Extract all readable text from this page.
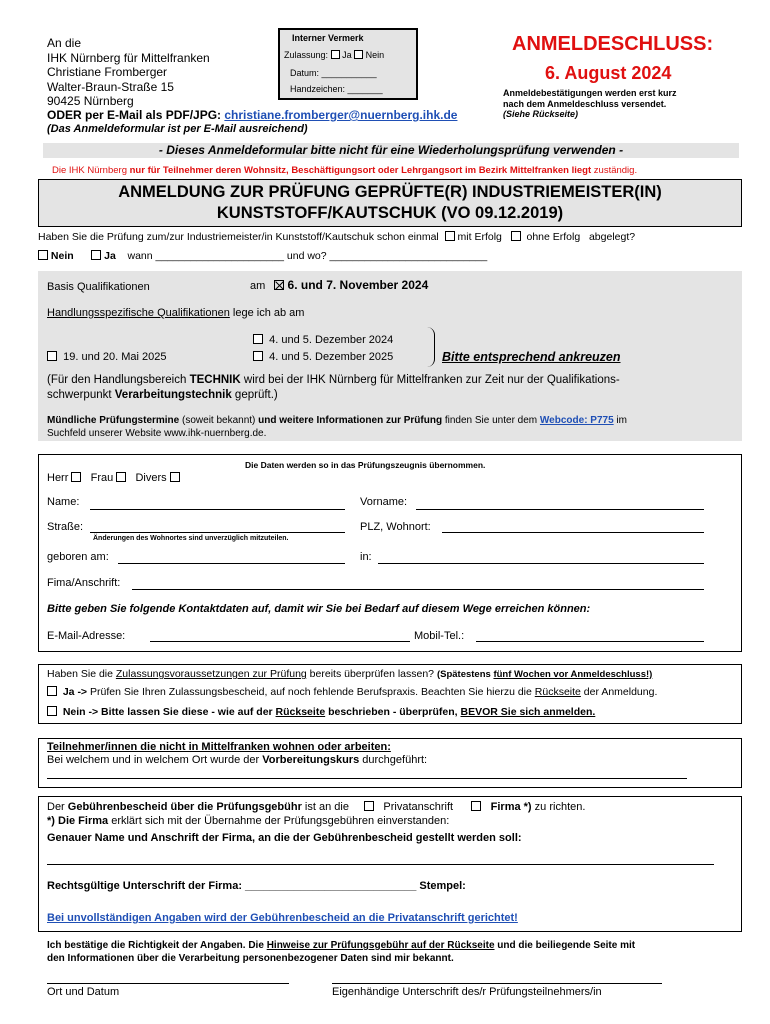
An die
IHK Nürnberg für Mittelfranken
Christiane Fromberger
Walter-Braun-Straße 15
90425 Nürnberg
Interner Vermerk
Zulassung: Ja Nein
Datum: ___________
Handzeichen: _______
ANMELDESCHLUSS:
6. August 2024
Anmeldebestätigungen werden erst kurz
nach dem Anmeldeschluss versendet.
(Siehe Rückseite)
ODER per E-Mail als PDF/JPG: christiane.fromberger@nuernberg.ihk.de
(Das Anmeldeformular ist per E-Mail ausreichend)
- Dieses Anmeldeformular bitte nicht für eine Wiederholungsprüfung verwenden -
Die IHK Nürnberg nur für Teilnehmer deren Wohnsitz, Beschäftigungsort oder Lehrgangsort im Bezirk Mittelfranken liegt zuständig.
ANMELDUNG ZUR PRÜFUNG GEPRÜFTE(R) INDUSTRIEMEISTER(IN)
KUNSTSTOFF/KAUTSCHUK (VO 09.12.2019)
Haben Sie die Prüfung zum/zur Industriemeister/in Kunststoff/Kautschuk schon einmal mit Erfolg ohne Erfolg abgelegt?
Nein	Ja wann ______________________ und wo? ___________________________
Basis Qualifikationen	am 6. und 7. November 2024
Handlungsspezifische Qualifikationen lege ich ab am
4. und 5. Dezember 2024
19. und 20. Mai 2025	4. und 5. Dezember 2025	Bitte entsprechend ankreuzen
(Für den Handlungsbereich TECHNIK wird bei der IHK Nürnberg für Mittelfranken zur Zeit nur der Qualifikations-
schwerpunkt Verarbeitungstechnik geprüft.)
Mündliche Prüfungstermine (soweit bekannt) und weitere Informationen zur Prüfung finden Sie unter dem Webcode: P775 im
Suchfeld unserer Website www.ihk-nuernberg.de.
Die Daten werden so in das Prüfungszeugnis übernommen.
Herr Frau Divers
Name:	Vorname:
Straße:
Änderungen des Wohnortes sind unverzüglich mitzuteilen.
PLZ, Wohnort:
geboren am:	in:
Fima/Anschrift:
Bitte geben Sie folgende Kontaktdaten auf, damit wir Sie bei Bedarf auf diesem Wege erreichen können:
E-Mail-Adresse:	Mobil-Tel.:
Haben Sie die Zulassungsvoraussetzungen zur Prüfung bereits überprüfen lassen? (Spätestens fünf Wochen vor Anmeldeschluss!)
Ja -> Prüfen Sie Ihren Zulassungsbescheid, auf noch fehlende Berufspraxis. Beachten Sie hierzu die Rückseite der Anmeldung.
Nein -> Bitte lassen Sie diese - wie auf der Rückseite beschrieben - überprüfen, BEVOR Sie sich anmelden.
Teilnehmer/innen die nicht in Mittelfranken wohnen oder arbeiten:
Bei welchem und in welchem Ort wurde der Vorbereitungskurs durchgeführt:
Der Gebührenbescheid über die Prüfungsgebühr ist an die	Privatanschrift	Firma *) zu richten.
*) Die Firma erklärt sich mit der Übernahme der Prüfungsgebühren einverstanden:
Genauer Name und Anschrift der Firma, an die der Gebührenbescheid gestellt werden soll:
Rechtsgültige Unterschrift der Firma: ____________________________ Stempel:
Bei unvollständigen Angaben wird der Gebührenbescheid an die Privatanschrift gerichtet!
Ich bestätige die Richtigkeit der Angaben. Die Hinweise zur Prüfungsgebühr auf der Rückseite und die beiliegende Seite mit
den Informationen über die Verarbeitung personenbezogener Daten sind mir bekannt.
Ort und Datum	Eigenhändige Unterschrift des/r Prüfungsteilnehmers/in
